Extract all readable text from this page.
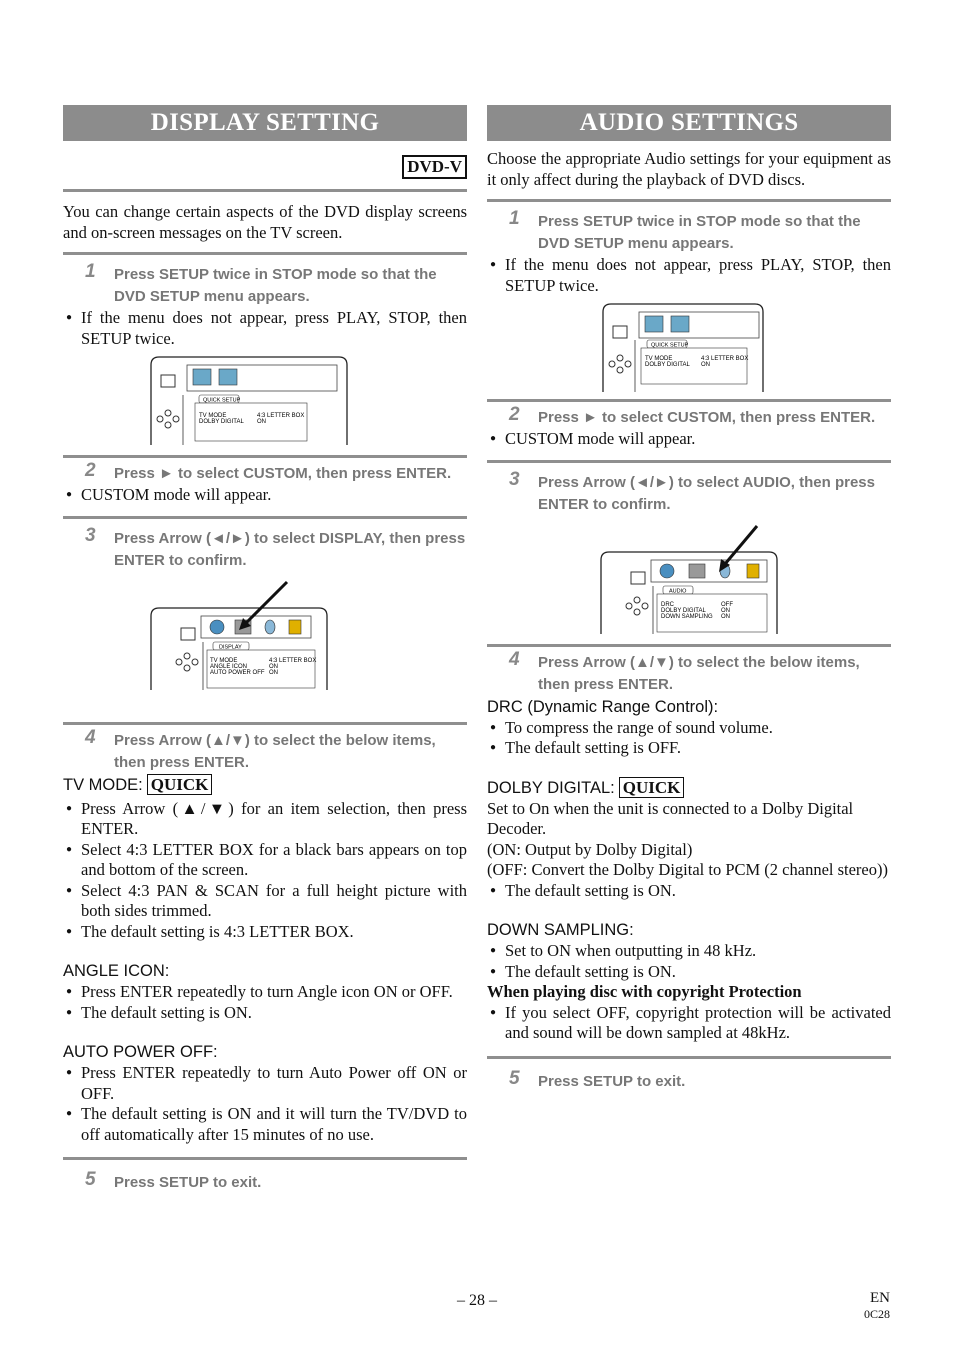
DISPLAY SETTING
DVD-V

You can change certain aspects of the DVD display screens and on-screen messages on the TV screen.

1 Press SETUP twice in STOP mode so that the DVD SETUP menu appears.
● If the menu does not appear, press PLAY, STOP, then SETUP twice.
QUICK SETUP
TV MODE	4:3 LETTER BOX
DOLBY DIGITAL ON
2 Press ► to select CUSTOM, then press ENTER.
● CUSTOM mode will appear.
3 Press Arrow (◄/►) to select DISPLAY, then press ENTER to confirm.
DISPLAY
TV MODE	4:3 LETTER BOX
ANGLE ICON	ON
AUTO POWER OFF ON
4 Press Arrow (▲/▼) to select the below items, then press ENTER.
TV MODE: QUICK
● Press Arrow (▲/▼) for an item selection, then press ENTER.
● Select 4:3 LETTER BOX for a black bars appears on top and bottom of the screen.
● Select 4:3 PAN & SCAN for a full height picture with both sides trimmed.
● The default setting is 4:3 LETTER BOX.
ANGLE ICON:
● Press ENTER repeatedly to turn Angle icon ON or OFF.
● The default setting is ON.
AUTO POWER OFF:
● Press ENTER repeatedly to turn Auto Power off ON or OFF.
● The default setting is ON and it will turn the TV/DVD to off automatically after 15 minutes of no use.
5 Press SETUP to exit.
AUDIO SETTINGS

Choose the appropriate Audio settings for your equipment as it only affect during the playback of DVD discs.

1 Press SETUP twice in STOP mode so that the DVD SETUP menu appears.
● If the menu does not appear, press PLAY, STOP, then SETUP twice.
QUICK SETUP
TV MODE	4:3 LETTER BOX
DOLBY DIGITAL ON
2 Press ► to select CUSTOM, then press ENTER.
● CUSTOM mode will appear.
3 Press Arrow (◄/►) to select AUDIO, then press ENTER to confirm.
AUDIO
DRC	OFF
DOLBY DIGITAL	ON
DOWN SAMPLING ON
4 Press Arrow (▲/▼) to select the below items, then press ENTER.
DRC (Dynamic Range Control):
● To compress the range of sound volume.
● The default setting is OFF.
DOLBY DIGITAL: QUICK

Set to On when the unit is connected to a Dolby Digital Decoder.

(ON: Output by Dolby Digital)

(OFF: Convert the Dolby Digital to PCM (2 channel stereo))

● The default setting is ON.
DOWN SAMPLING:
● Set to ON when outputting in 48 kHz.
● The default setting is ON.
When playing disc with copyright Protection
● If you select OFF, copyright protection will be activated and sound will be down sampled at 48kHz.
5 Press SETUP to exit.
– 28 –	EN
0C28
